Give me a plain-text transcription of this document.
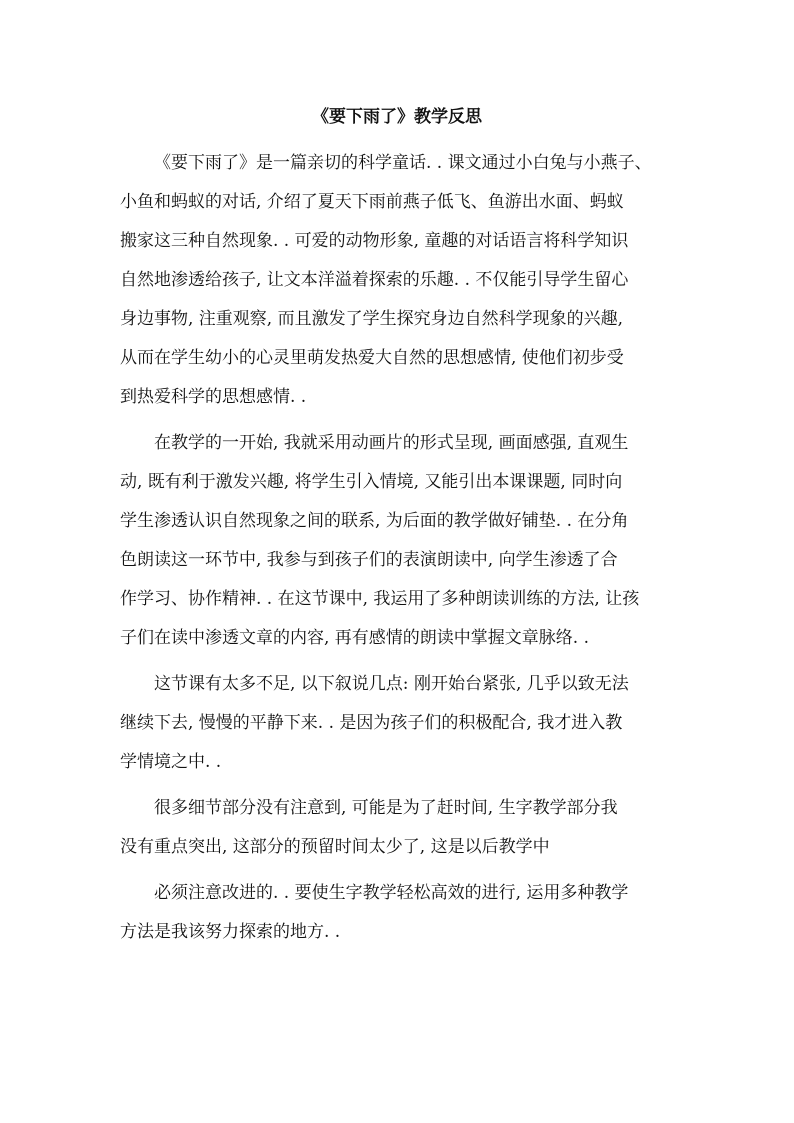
《要下雨了》教学反思

《要下雨了》是一篇亲切的科学童话. . 课文通过小白兔与小燕子、

小鱼和蚂蚁的对话, 介绍了夏天下雨前燕子低飞、鱼游出水面、蚂蚁

搬家这三种自然现象. . 可爱的动物形象, 童趣的对话语言将科学知识

自然地渗透给孩子, 让文本洋溢着探索的乐趣. . 不仅能引导学生留心

身边事物, 注重观察, 而且激发了学生探究身边自然科学现象的兴趣,

从而在学生幼小的心灵里萌发热爱大自然的思想感情, 使他们初步受

到热爱科学的思想感情. .

在教学的一开始, 我就采用动画片的形式呈现, 画面感强, 直观生

动, 既有利于激发兴趣, 将学生引入情境, 又能引出本课课题, 同时向

学生渗透认识自然现象之间的联系, 为后面的教学做好铺垫. . 在分角

色朗读这一环节中, 我参与到孩子们的表演朗读中, 向学生渗透了合

作学习、协作精神. . 在这节课中, 我运用了多种朗读训练的方法, 让孩

子们在读中渗透文章的内容, 再有感情的朗读中掌握文章脉络. .

这节课有太多不足, 以下叙说几点: 刚开始台紧张, 几乎以致无法

继续下去, 慢慢的平静下来. . 是因为孩子们的积极配合, 我才进入教

学情境之中. .

很多细节部分没有注意到, 可能是为了赶时间, 生字教学部分我

没有重点突出, 这部分的预留时间太少了, 这是以后教学中

必须注意改进的. . 要使生字教学轻松高效的进行, 运用多种教学

方法是我该努力探索的地方. .
